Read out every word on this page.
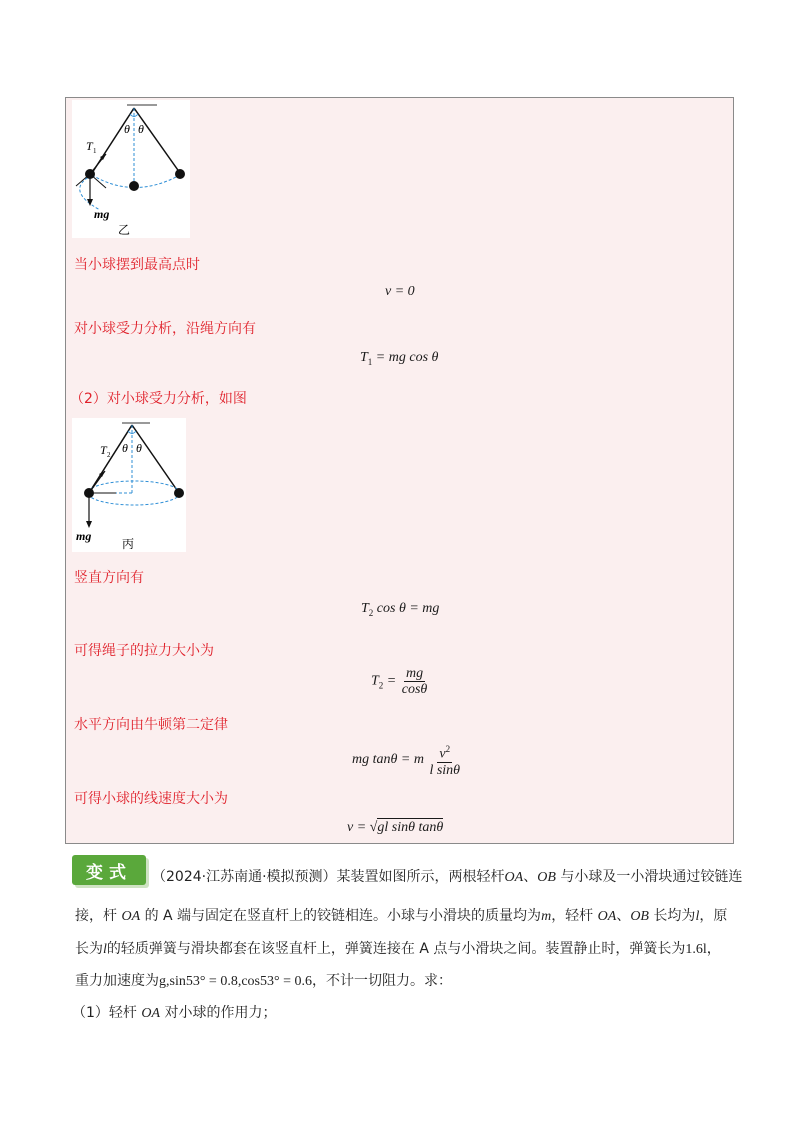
T 1
θ θ
mg
乙
当小球摆到最高点时
v = 0
对小球受力分析，沿绳方向有
$T_1$ = mg cos θ
（2）对小球受力分析，如图
T 2 θ θ
mg
丙
竖直方向有
$T_2$ cos θ = mg
可得绳子的拉力大小为
$T_2 = \frac{mg}{\cos\theta}$
水平方向由牛顿第二定律
mg tanθ = m $\frac{v^2}{\text{l sinθ}}$
可得小球的线速度大小为
v = √gl sinθ tanθ
变式	（2024·江苏南通·模拟预测）某装置如图所示，两根轻杆OA、OB 与小球及一小滑块通过铰链连
接，杆 OA 的 A 端与固定在竖直杆上的铰链相连。小球与小滑块的质量均为m，轻杆 OA、OB 长均为l，原
长为l的轻质弹簧与滑块都套在该竖直杆上，弹簧连接在 A 点与小滑块之间。装置静止时，弹簧长为1.6l，
重力加速度为g,sin53° = 0.8,cos53° = 0.6，不计一切阻力。求：
（1）轻杆 OA 对小球的作用力；
